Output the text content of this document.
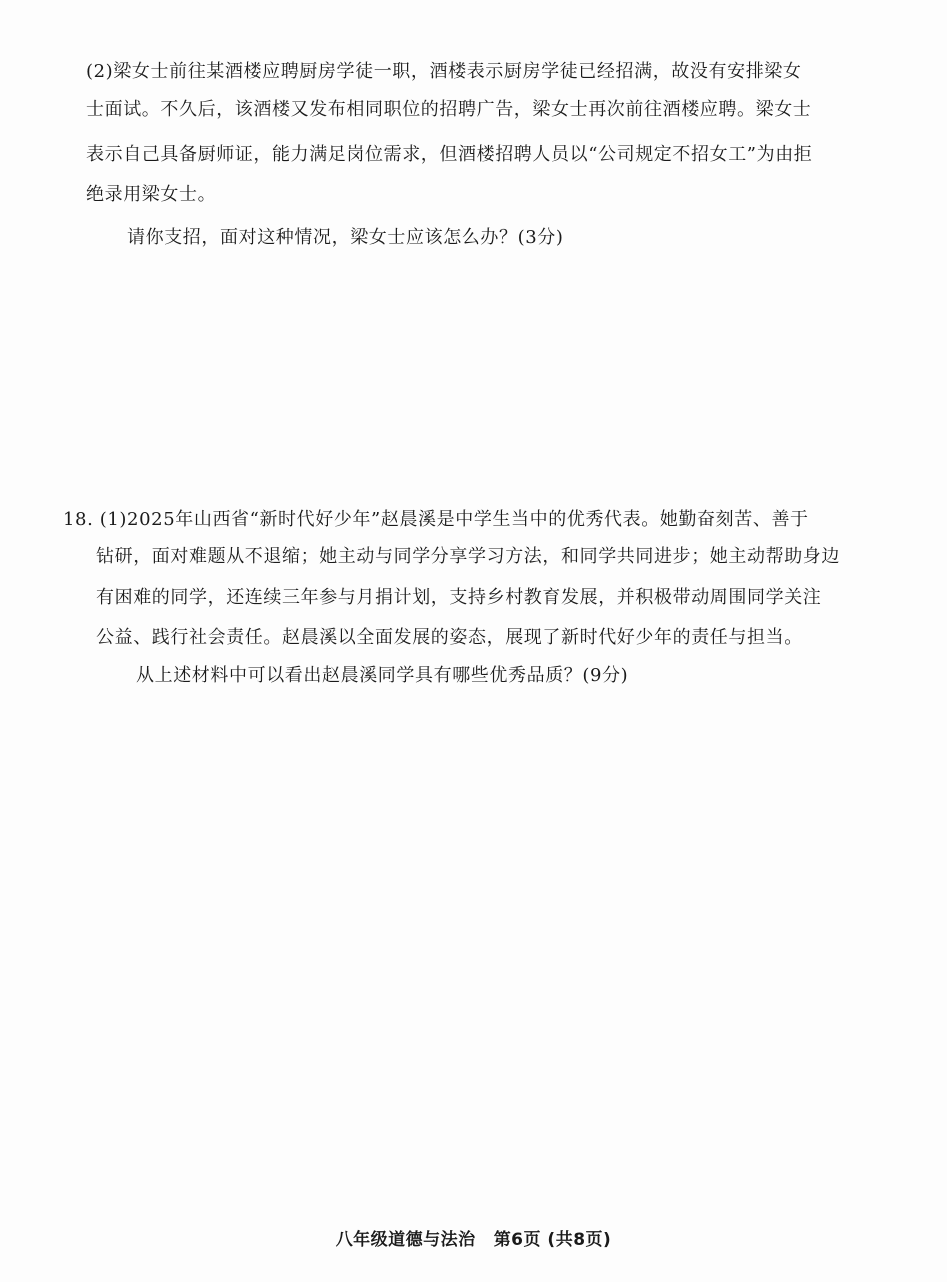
(2)梁女士前往某酒楼应聘厨房学徒一职，酒楼表示厨房学徒已经招满，故没有安排梁女
士面试。不久后，该酒楼又发布相同职位的招聘广告，梁女士再次前往酒楼应聘。梁女士
表示自己具备厨师证，能力满足岗位需求，但酒楼招聘人员以“公司规定不招女工”为由拒
绝录用梁女士。
请你支招，面对这种情况，梁女士应该怎么办？(3分)
18. (1)2025年山西省“新时代好少年”赵晨溪是中学生当中的优秀代表。她勤奋刻苦、善于
钻研，面对难题从不退缩；她主动与同学分享学习方法，和同学共同进步；她主动帮助身边
有困难的同学，还连续三年参与月捐计划，支持乡村教育发展，并积极带动周围同学关注
公益、践行社会责任。赵晨溪以全面发展的姿态，展现了新时代好少年的责任与担当。
从上述材料中可以看出赵晨溪同学具有哪些优秀品质？(9分)
八年级道德与法治 第6页 (共8页)
